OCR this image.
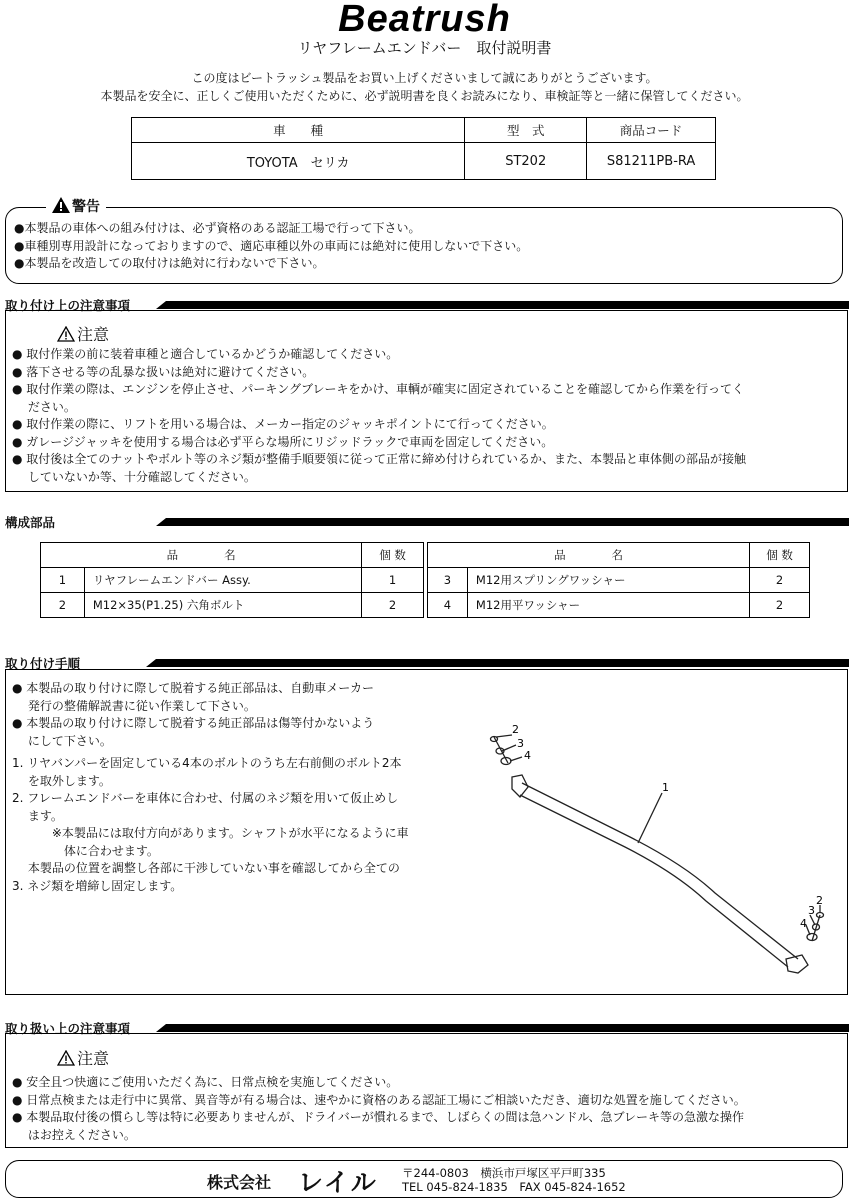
Beatrush
リヤフレームエンドバー　取付説明書
この度はビートラッシュ製品をお買い上げくださいまして誠にありがとうございます。
本製品を安全に、正しくご使用いただくために、必ず説明書を良くお読みになり、車検証等と一緒に保管してください。
車　　種	型　式	商品コード
TOYOTA　セリカ	ST202	S81211PB-RA
警告
●本製品の車体への組み付けは、必ず資格のある認証工場で行って下さい。
●車種別専用設計になっておりますので、適応車種以外の車両には絶対に使用しないで下さい。
●本製品を改造しての取付けは絶対に行わないで下さい。
取り付け上の注意事項
注意
● 取付作業の前に装着車種と適合しているかどうか確認してください。
● 落下させる等の乱暴な扱いは絶対に避けてください。
● 取付作業の際は、エンジンを停止させ、パーキングブレーキをかけ、車輌が確実に固定されていることを確認してから作業を行ってく
　 ださい。
● 取付作業の際に、リフトを用いる場合は、メーカー指定のジャッキポイントにて行ってください。
● ガレージジャッキを使用する場合は必ず平らな場所にリジッドラックで車両を固定してください。
● 取付後は全てのナットやボルト等のネジ類が整備手順要領に従って正常に締め付けられているか、また、本製品と車体側の部品が接触
　 していないか等、十分確認してください。
構成部品
品　　　　名		個 数
1	リヤフレームエンドバー Assy.	1
2	M12×35(P1.25) 六角ボルト	2
品　　　　名		個 数
3	M12用スプリングワッシャー	2
4	M12用平ワッシャー	2
取り付け手順
● 本製品の取り付けに際して脱着する純正部品は、自動車メーカー
　 発行の整備解説書に従い作業して下さい。
● 本製品の取り付けに際して脱着する純正部品は傷等付かないよう
　 にして下さい。
1. リヤバンパーを固定している4本のボルトのうち左右前側のボルト2本
　 を取外します。
2. フレームエンドバーを車体に合わせ、付属のネジ類を用いて仮止めし
　 ます。
　　　 ※本製品には取付方向があります。シャフトが水平になるように車
　　　　 体に合わせます。
　 本製品の位置を調整し各部に干渉していない事を確認してから全ての
3. ネジ類を増締し固定します。
2
3
4
1
2
3
4
取り扱い上の注意事項
注意
● 安全且つ快適にご使用いただく為に、日常点検を実施してください。
● 日常点検または走行中に異常、異音等が有る場合は、速やかに資格のある認証工場にご相談いただき、適切な処置を施してください。
● 本製品取付後の慣らし等は特に必要ありませんが、ドライバーが慣れるまで、しばらくの間は急ハンドル、急ブレーキ等の急激な操作
　 はお控えください。
株式会社 レイル 〒244-0803　横浜市戸塚区平戸町335
TEL 045-824-1835　FAX 045-824-1652
